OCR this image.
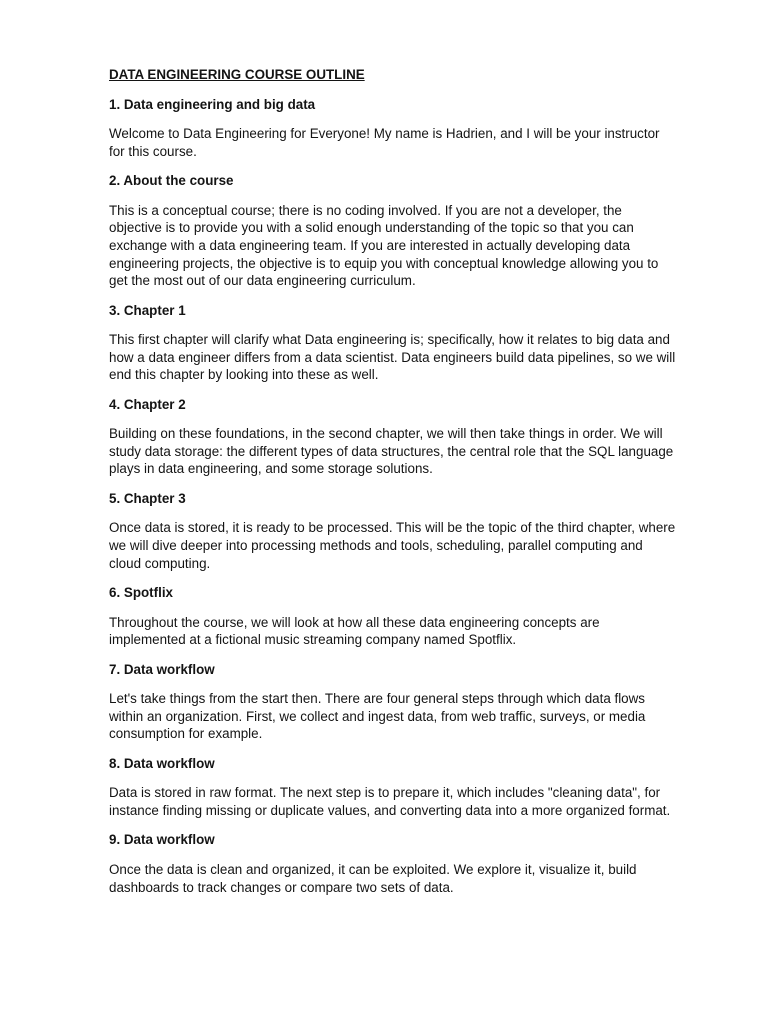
DATA ENGINEERING COURSE OUTLINE
1. Data engineering and big data
Welcome to Data Engineering for Everyone! My name is Hadrien, and I will be your instructor
for this course.
2. About the course
This is a conceptual course; there is no coding involved. If you are not a developer, the
objective is to provide you with a solid enough understanding of the topic so that you can
exchange with a data engineering team. If you are interested in actually developing data
engineering projects, the objective is to equip you with conceptual knowledge allowing you to
get the most out of our data engineering curriculum.
3. Chapter 1
This first chapter will clarify what Data engineering is; specifically, how it relates to big data and
how a data engineer differs from a data scientist. Data engineers build data pipelines, so we will
end this chapter by looking into these as well.
4. Chapter 2
Building on these foundations, in the second chapter, we will then take things in order. We will
study data storage: the different types of data structures, the central role that the SQL language
plays in data engineering, and some storage solutions.
5. Chapter 3
Once data is stored, it is ready to be processed. This will be the topic of the third chapter, where
we will dive deeper into processing methods and tools, scheduling, parallel computing and
cloud computing.
6. Spotflix
Throughout the course, we will look at how all these data engineering concepts are
implemented at a fictional music streaming company named Spotflix.
7. Data workflow
Let's take things from the start then. There are four general steps through which data flows
within an organization. First, we collect and ingest data, from web traffic, surveys, or media
consumption for example.
8. Data workflow
Data is stored in raw format. The next step is to prepare it, which includes "cleaning data", for
instance finding missing or duplicate values, and converting data into a more organized format.
9. Data workflow
Once the data is clean and organized, it can be exploited. We explore it, visualize it, build
dashboards to track changes or compare two sets of data.
